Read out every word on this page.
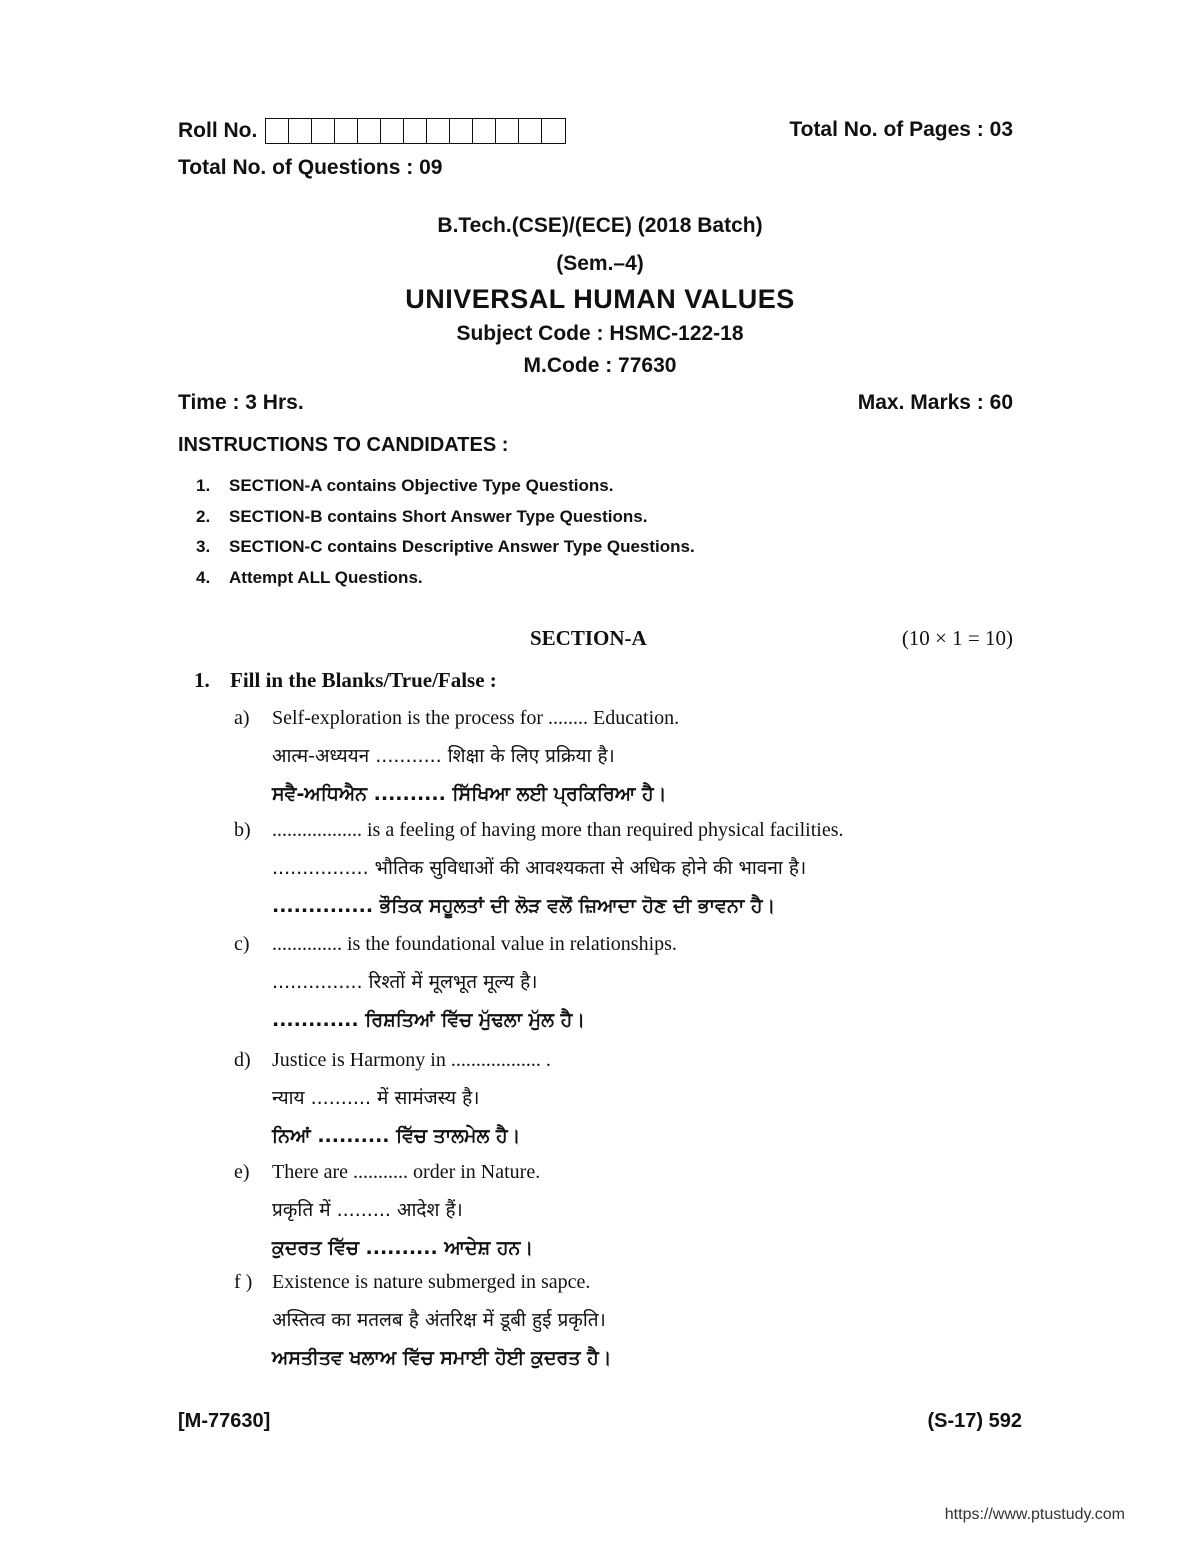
Roll No.	Total No. of Pages : 03
Total No. of Questions : 09
B.Tech.(CSE)/(ECE) (2018 Batch)
(Sem.–4)
UNIVERSAL HUMAN VALUES
Subject Code : HSMC-122-18
M.Code : 77630
Time : 3 Hrs.	Max. Marks : 60
INSTRUCTIONS TO CANDIDATES :
1. SECTION-A contains Objective Type Questions.
2. SECTION-B contains Short Answer Type Questions.
3. SECTION-C contains Descriptive Answer Type Questions.
4. Attempt ALL Questions.
SECTION-A	(10 × 1 = 10)
1. Fill in the Blanks/True/False :
a) Self-exploration is the process for ........ Education.
आत्म-अध्ययन ........... शिक्षा के लिए प्रक्रिया है।
ਸਵੈ-ਅਧਿਐਨ .......... ਸਿੱਖਿਆ ਲਈ ਪ੍ਰਕਿਰਿਆ ਹੈ।
b) .................. is a feeling of having more than required physical facilities.
................ भौतिक सुविधाओं की आवश्यकता से अधिक होने की भावना है।
.............. ਭੌਤਿਕ ਸਹੂਲਤਾਂ ਦੀ ਲੋੜ ਵਲੋਂ ਜ਼ਿਆਦਾ ਹੋਣ ਦੀ ਭਾਵਨਾ ਹੈ।
c) .............. is the foundational value in relationships.
............... रिश्तों में मूलभूत मूल्य है।
............ ਰਿਸ਼ਤਿਆਂ ਵਿੱਚ ਮੁੱਢਲਾ ਮੁੱਲ ਹੈ।
d) Justice is Harmony in .................. .
न्याय .......... में सामंजस्य है।
ਨਿਆਂ .......... ਵਿੱਚ ਤਾਲਮੇਲ ਹੈ।
e) There are ........... order in Nature.
प्रकृति में ......... आदेश हैं।
ਕੁਦਰਤ ਵਿੱਚ .......... ਆਦੇਸ਼ ਹਨ।
f ) Existence is nature submerged in sapce.
अस्तित्व का मतलब है अंतरिक्ष में डूबी हुई प्रकृति।
ਅਸਤੀਤਵ ਖਲਾਅ ਵਿੱਚ ਸਮਾਈ ਹੋਈ ਕੁਦਰਤ ਹੈ।
[M-77630]	(S-17) 592
https://www.ptustudy.com
